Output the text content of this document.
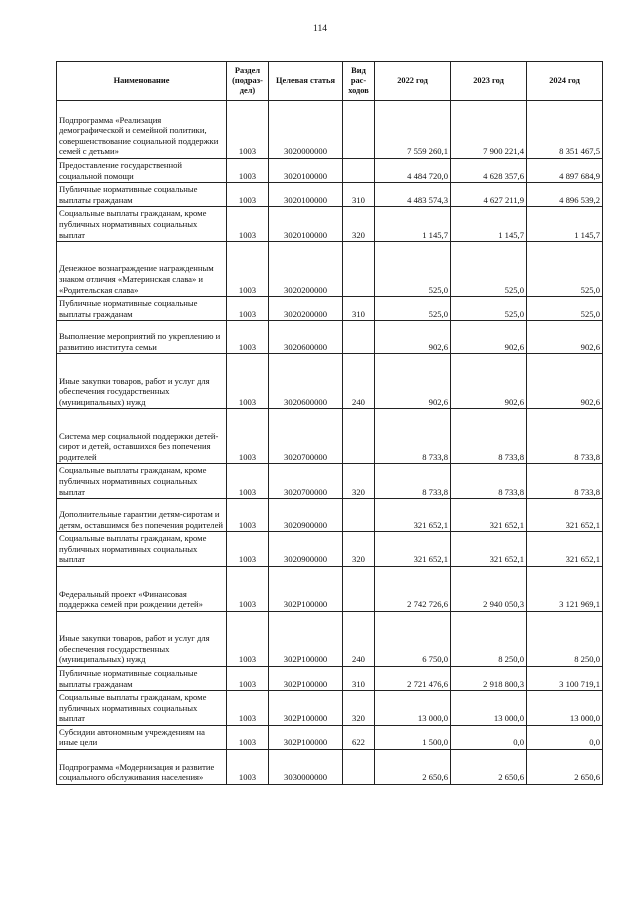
114
Наименование	Раздел (подраз-дел)	Целевая статья	Вид рас-ходов	2022 год	2023 год	2024 год
Подпрограмма «Реализация демографической и семейной политики, совершенствование социальной поддержки семей с детьми»	1003	3020000000		7 559 260,1	7 900 221,4	8 351 467,5
Предоставление государственной социальной помощи	1003	3020100000		4 484 720,0	4 628 357,6	4 897 684,9
Публичные нормативные социальные выплаты гражданам	1003	3020100000	310	4 483 574,3	4 627 211,9	4 896 539,2
Социальные выплаты гражданам, кроме публичных нормативных социальных выплат	1003	3020100000	320	1 145,7	1 145,7	1 145,7
Денежное вознаграждение награжденным знаком отличия «Материнская слава» и «Родительская слава»	1003	3020200000		525,0	525,0	525,0
Публичные нормативные социальные выплаты гражданам	1003	3020200000	310	525,0	525,0	525,0
Выполнение мероприятий по укреплению и развитию института семьи	1003	3020600000		902,6	902,6	902,6
Иные закупки товаров, работ и услуг для обеспечения государственных (муниципальных) нужд	1003	3020600000	240	902,6	902,6	902,6
Система мер социальной поддержки детей-сирот и детей, оставшихся без попечения родителей	1003	3020700000		8 733,8	8 733,8	8 733,8
Социальные выплаты гражданам, кроме публичных нормативных социальных выплат	1003	3020700000	320	8 733,8	8 733,8	8 733,8
Дополнительные гарантии детям-сиротам и детям, оставшимся без попечения родителей	1003	3020900000		321 652,1	321 652,1	321 652,1
Социальные выплаты гражданам, кроме публичных нормативных социальных выплат	1003	3020900000	320	321 652,1	321 652,1	321 652,1
Федеральный проект «Финансовая поддержка семей при рождении детей»	1003	302P100000		2 742 726,6	2 940 050,3	3 121 969,1
Иные закупки товаров, работ и услуг для обеспечения государственных (муниципальных) нужд	1003	302P100000	240	6 750,0	8 250,0	8 250,0
Публичные нормативные социальные выплаты гражданам	1003	302P100000	310	2 721 476,6	2 918 800,3	3 100 719,1
Социальные выплаты гражданам, кроме публичных нормативных социальных выплат	1003	302P100000	320	13 000,0	13 000,0	13 000,0
Субсидии автономным учреждениям на иные цели	1003	302P100000	622	1 500,0	0,0	0,0
Подпрограмма «Модернизация и развитие социального обслуживания населения»	1003	3030000000		2 650,6	2 650,6	2 650,6
